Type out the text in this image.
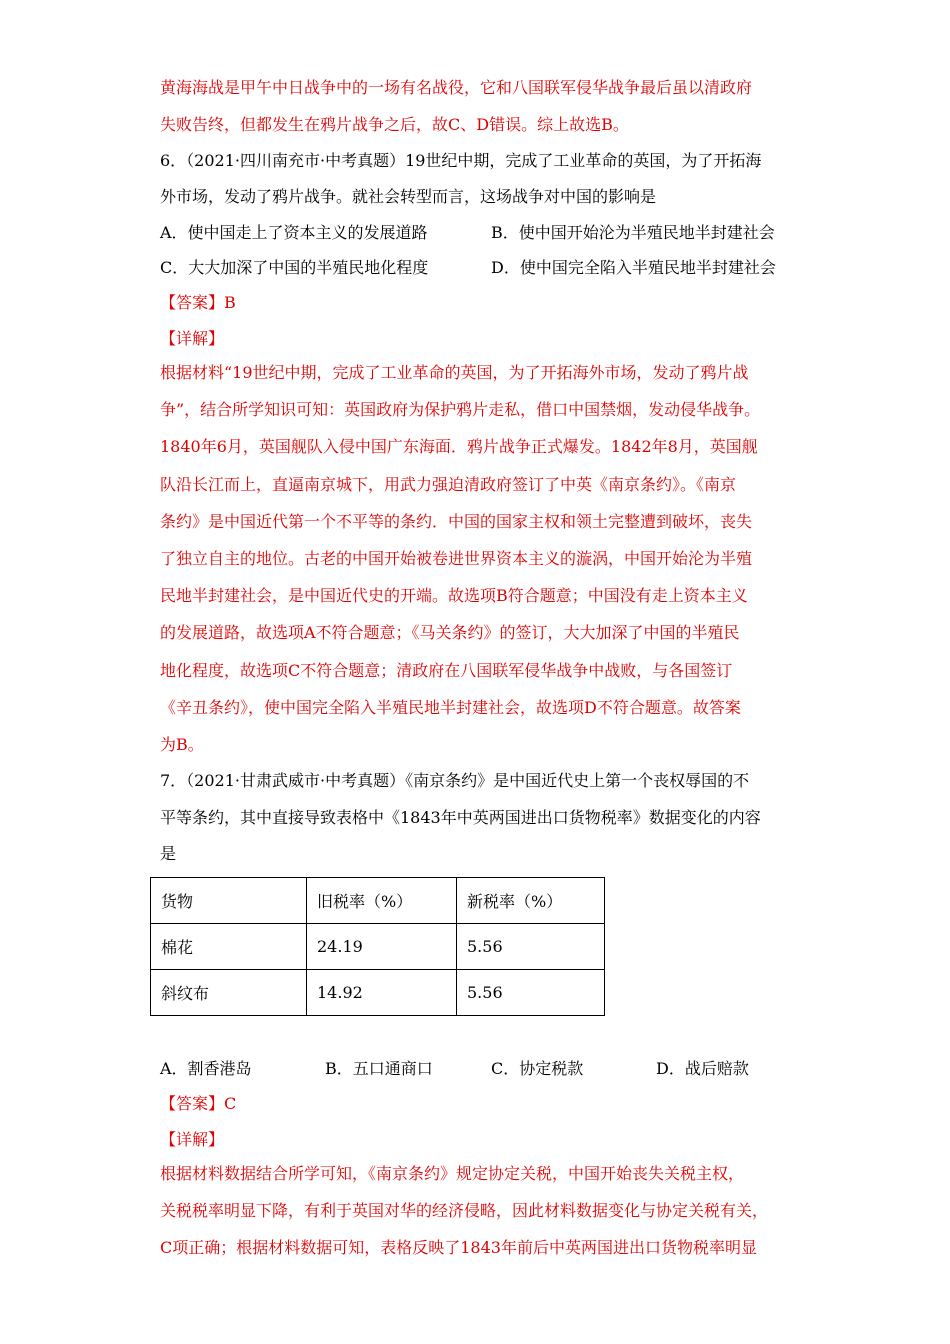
黄海海战是甲午中日战争中的一场有名战役，它和八国联军侵华战争最后虽以清政府
失败告终，但都发生在鸦片战争之后，故C、D错误。综上故选B。
6．（2021·四川南充市·中考真题）19世纪中期，完成了工业革命的英国，为了开拓海
外市场，发动了鸦片战争。就社会转型而言，这场战争对中国的影响是
A．使中国走上了资本主义的发展道路	B．使中国开始沦为半殖民地半封建社会
C．大大加深了中国的半殖民地化程度	D．使中国完全陷入半殖民地半封建社会
【答案】B
【详解】
根据材料“19世纪中期，完成了工业革命的英国，为了开拓海外市场，发动了鸦片战
争”，结合所学知识可知：英国政府为保护鸦片走私，借口中国禁烟，发动侵华战争。
1840年6月，英国舰队入侵中国广东海面．鸦片战争正式爆发。1842年8月，英国舰
队沿长江而上，直逼南京城下，用武力强迫清政府签订了中英《南京条约》。《南京
条约》是中国近代第一个不平等的条约．中国的国家主权和领土完整遭到破坏，丧失
了独立自主的地位。古老的中国开始被卷进世界资本主义的漩涡，中国开始沦为半殖
民地半封建社会，是中国近代史的开端。故选项B符合题意；中国没有走上资本主义
的发展道路，故选项A不符合题意；《马关条约》的签订，大大加深了中国的半殖民
地化程度，故选项C不符合题意；清政府在八国联军侵华战争中战败，与各国签订
《辛丑条约》，使中国完全陷入半殖民地半封建社会，故选项D不符合题意。故答案
为B。
7．（2021·甘肃武威市·中考真题）《南京条约》是中国近代史上第一个丧权辱国的不
平等条约，其中直接导致表格中《1843年中英两国进出口货物税率》数据变化的内容
是
货物	旧税率（%）	新税率（%）
棉花	24.19	5.56
斜纹布	14.92	5.56
A．割香港岛	B．五口通商口	C．协定税款	D．战后赔款
【答案】C
【详解】
根据材料数据结合所学可知，《南京条约》规定协定关税，中国开始丧失关税主权，
关税税率明显下降，有利于英国对华的经济侵略，因此材料数据变化与协定关税有关，
C项正确；根据材料数据可知，表格反映了1843年前后中英两国进出口货物税率明显
